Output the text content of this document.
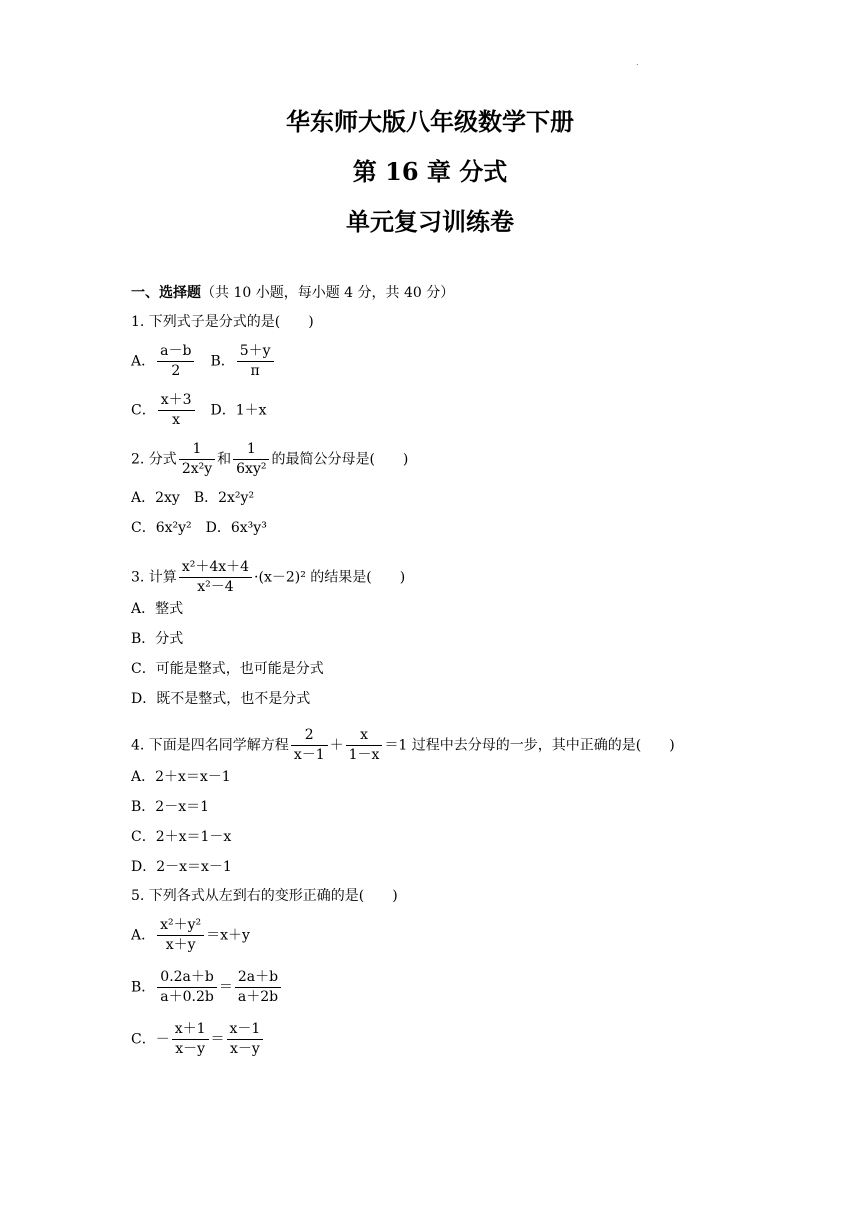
.
华东师大版八年级数学下册
第 16 章 分式
单元复习训练卷
一、选择题（共 10 小题，每小题 4 分，共 40 分）
1. 下列式子是分式的是(　　)
A． $\frac{a-b}{2}$ B． $\frac{5+y}{\pi}$
C． $\frac{x+3}{x}$ D．1＋x
2. 分式 $\frac{1}{\text{2x²y}}$ 和 $\frac{1}{\text{6xy²}}$ 的最简公分母是(　　)
A．2xy B．2x²y²
C．6x²y² D．6x³y³
3. 计算 $\frac{\text{x²＋4x＋4}}{\text{x²－4}} \cdot(x-2)^2$ 的结果是(　　)
A．整式
B．分式
C．可能是整式，也可能是分式
D．既不是整式，也不是分式
4. 下面是四名同学解方程 $\frac{2}{x-1} + \frac{x}{1-x} =1$ 过程中去分母的一步，其中正确的是(　　)
A．2＋x＝x－1
B．2－x＝1
C．2＋x＝1－x
D．2－x＝x－1
5. 下列各式从左到右的变形正确的是(　　)
A． $\frac{\text{x²＋y²}}{x+y} =x+y$
B． $\frac{0.2a+b}{a+0.2b} = \frac{2a+b}{a+2b}$
C．－ $\frac{x+1}{x-y} = \frac{x-1}{x-y}$
